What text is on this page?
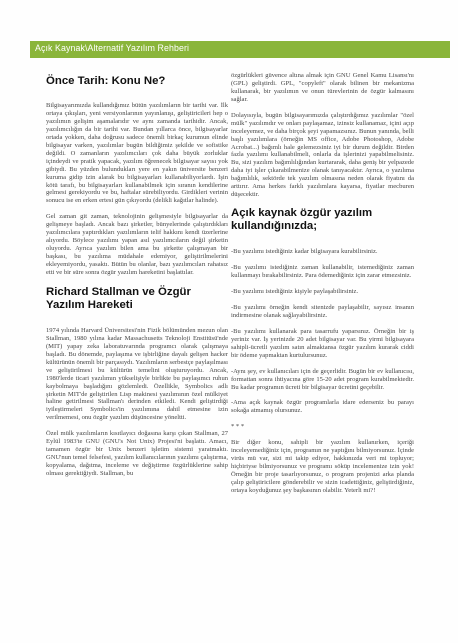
Açık Kaynak\Alternatif Yazılım Rehberi
Önce Tarih: Konu Ne?

Bilgisayarımızda kullandığımız bütün yazılımların bir tarihi var. İlk ortaya çıkışları, yeni versiyonlarının yayınlanışı, geliştiricileri hep o yazılımın gelişim aşamalarıdır ve aynı zamanda tarihidir. Ancak, yazılımcılığın da bir tarihi var. Bundan yıllarca önce, bilgisayarlar ortada yokken, daha doğrusu sadece önemli birkaç kurumun elinde bilgisayar varken, yazılımlar bugün bildiğimiz şekilde ve sofistike değildi. O zamanların yazılımcıları çok daha büyük zorluklar içindeydi ve pratik yapacak, yazılım öğrenecek bilgisayar sayısı yok gibiydi. Bu yüzden bulundukları yere en yakın üniversite benzeri kuruma gidip izin alarak bu bilgisayarları kullanabiliyorlardı. İşin kötü tarafı, bu bilgisayarları kullanabilmek için sıranın kendilerine gelmesi gerekiyordu ve bu, haftalar sürebiliyordu. Girdikleri verinin sonucu ise en erken ertesi gün çıkıyordu (delikli kağıtlar halinde).

Gel zaman git zaman, teknolojinin gelişmesiyle bilgisayarlar da gelişmeye başladı. Ancak bazı şirketler, bünyelerinde çalıştırdıkları yazılımcılara yaptırdıkları yazılımların telif hakkını kendi üzerlerine alıyordu. Böylece yazılımı yapan asıl yazılımcıların değil şirketin oluyordu. Ayrıca yazılım bilen ama bu şirkette çalışmayan bir başkası, bu yazılıma müdahale edemiyor, geliştirilmelerini ekleyemiyordu, yasaktı. Bütün bu olanlar, bazı yazılımcıları rahatsız etti ve bir süre sonra özgür yazılım hareketini başlattılar.

Richard Stallman ve Özgür Yazılım Hareketi

1974 yılında Harvard Üniversitesi'nin Fizik bölümünden mezun olan Stallman, 1980 yılına kadar Massachusetts Teknoloji Enstitüsü'nde (MIT) yapay zeka laboratuvarında programcı olarak çalışmaya başladı. Bu dönemde, paylaşıma ve işbirliğine dayalı gelişen hacker kültürünün önemli bir parçasıydı. Yazılımların serbestçe paylaşılması ve geliştirilmesi bu kültürün temelini oluşturuyordu. Ancak, 1980'lerde ticari yazılımın yükselişiyle birlikte bu paylaşımcı ruhun kaybolmaya başladığını gözlemledi. Özellikle, Symbolics adlı şirketin MIT'de geliştirilen Lisp makinesi yazılımının özel mülkiyet haline getirilmesi Stallman'ı derinden etkiledi. Kendi geliştirdiği iyileştirmeleri Symbolics'in yazılımına dahil etmesine izin verilmemesi, onu özgür yazılım düşüncesine yöneltti.

Özel mülk yazılımların kısıtlayıcı doğasına karşı çıkan Stallman, 27 Eylül 1983'te GNU (GNU's Not Unix) Projesi'ni başlattı. Amacı, tamamen özgür bir Unix benzeri işletim sistemi yaratmaktı. GNU'nun temel felsefesi, yazılım kullanıcılarının yazılımı çalıştırma, kopyalama, dağıtma, inceleme ve değiştirme özgürlüklerine sahip olması gerektiğiydi. Stallman, bu

özgürlükleri güvence altına almak için GNU Genel Kamu Lisansı'nı (GPL) geliştirdi. GPL, "copyleft" olarak bilinen bir mekanizma kullanarak, bir yazılımın ve onun türevlerinin de özgür kalmasını sağlar.

Dolayısıyla, bugün bilgisayarımızda çalıştırdığımız yazılımlar "özel mülk" yazılımdır ve onları paylaşamaz, izinsiz kullanamaz, içini açıp inceleyemez, ve daha birçok şeyi yapamazsınız. Bunun yanında, belli başlı yazılımlara (örneğin MS office, Adobe Photoshop, Adobe Acrobat...) bağımlı hale gelemezsiniz iyi bir durum değildir. Birden fazla yazılımı kullanabilmeli, onlarla da işlerinizi yapabilmelisiniz. Bu, sizi yazılım bağımlılığından kurtararak, daha geniş bir yelpazede daha iyi işler çıkarabilmenize olanak tanıyacaktır. Ayrıca, o yazılıma bağımlılık, sektörde tek yazılım olmasına neden olarak fiyatını da arttırır. Ama herkes farklı yazılımlara kayarsa, fiyatlar mecburen düşecektir.

Açık kaynak özgür yazılım kullandığınızda;

-Bu yazılımı istediğiniz kadar bilgisayara kurabilirsiniz.

-Bu yazılımı istediğiniz zaman kullanabilir, istemediğiniz zaman kullanmayı bırakabilirsiniz. Para ödemediğiniz için zarar etmezsiniz.

-Bu yazılımı istediğiniz kişiyle paylaşabilirsiniz.

-Bu yazılımı örneğin kendi sitenizde paylaşabilir, sayısız insanın indirmesine olanak sağlayabilirsiniz.

-Bu yazılımı kullanarak para tasarrufu yaparsınız. Örneğin bir iş yeriniz var. İş yerinizde 20 adet bilgisayar var. Bu yirmi bilgisayara sahipli-ücretli yazılım satın almaktansa özgür yazılım kurarak ciddi bir ödeme yapmaktan kurtulursunuz.

-Aynı şey, ev kullanıcıları için de geçerlidir. Bugün bir ev kullanıcısı, formattan sonra ihtiyacına göre 15-20 adet program kurabilmektedir. Bu kadar programın ücreti bir bilgisayar ücretini geçebilir.

-Ama açık kaynak özgür programlarla idare ederseniz bu parayı sokağa atmamış olursunuz.

* * *

Bir diğer konu, sahipli bir yazılım kullanırken, içeriği inceleyemediğiniz için, programın ne yaptığını bilmiyorsunuz. İçinde virüs mü var, sizi mi takip ediyor, hakkınızda veri mi topluyor; hiçbiriyse bilmiyorsunuz ve programı söküp incelemenize izin yok! Örneğin bir proje tasarlıyorsunuz, o program projenizi arka planda çalıp geliştiricilere gönderebilir ve sizin icadettiğiniz, geliştirdiğiniz, ortaya koyduğunuz şey başkasının olabilir. Yeterli mi?!
